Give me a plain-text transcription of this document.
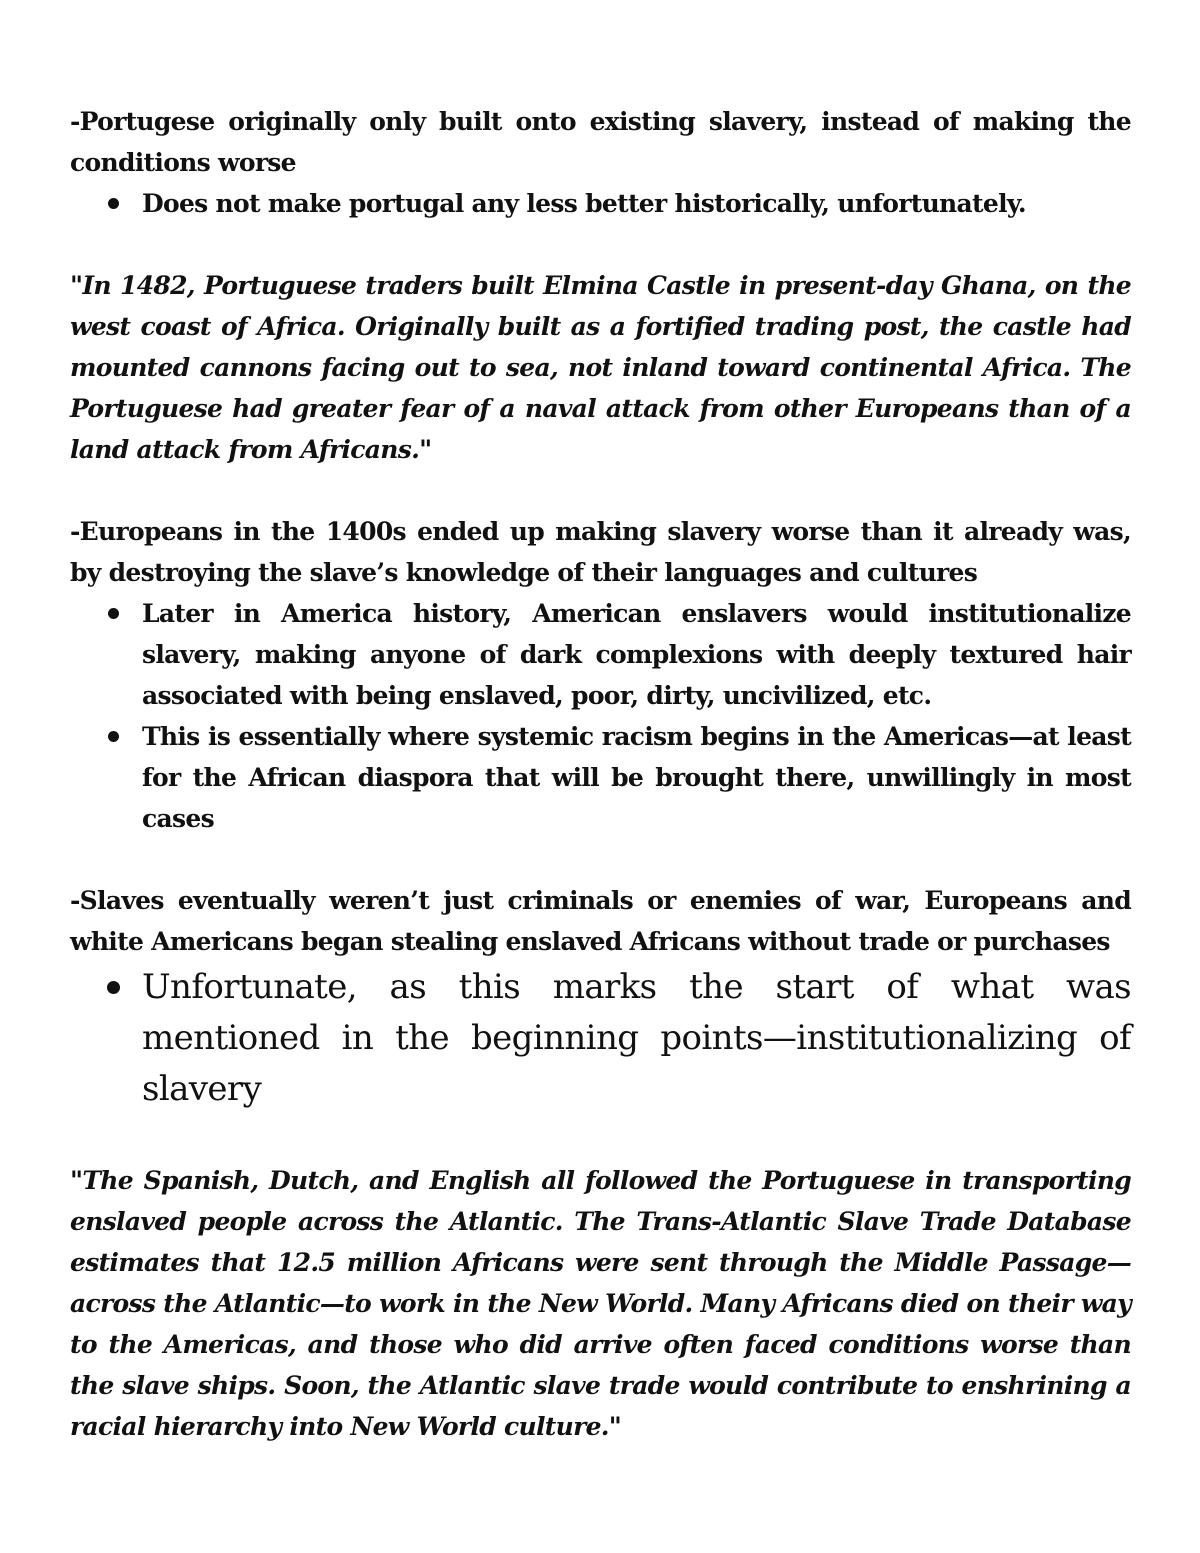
-Portugese originally only built onto existing slavery, instead of making the conditions worse

Does not make portugal any less better historically, unfortunately.

"In 1482, Portuguese traders built Elmina Castle in present-day Ghana, on the west coast of Africa. Originally built as a fortified trading post, the castle had mounted cannons facing out to sea, not inland toward continental Africa. The Portuguese had greater fear of a naval attack from other Europeans than of a land attack from Africans."

-Europeans in the 1400s ended up making slavery worse than it already was, by destroying the slave’s knowledge of their languages and cultures

Later in America history, American enslavers would institutionalize slavery, making anyone of dark complexions with deeply textured hair associated with being enslaved, poor, dirty, uncivilized, etc.
This is essentially where systemic racism begins in the Americas—at least for the African diaspora that will be brought there, unwillingly in most cases

-Slaves eventually weren’t just criminals or enemies of war, Europeans and white Americans began stealing enslaved Africans without trade or purchases

Unfortunate, as this marks the start of what was mentioned in the beginning points—institutionalizing of slavery

"The Spanish, Dutch, and English all followed the Portuguese in transporting enslaved people across the Atlantic. The Trans-Atlantic Slave Trade Database estimates that 12.5 million Africans were sent through the Middle Passage—across the Atlantic—to work in the New World. Many Africans died on their way to the Americas, and those who did arrive often faced conditions worse than the slave ships. Soon, the Atlantic slave trade would contribute to enshrining a racial hierarchy into New World culture."
